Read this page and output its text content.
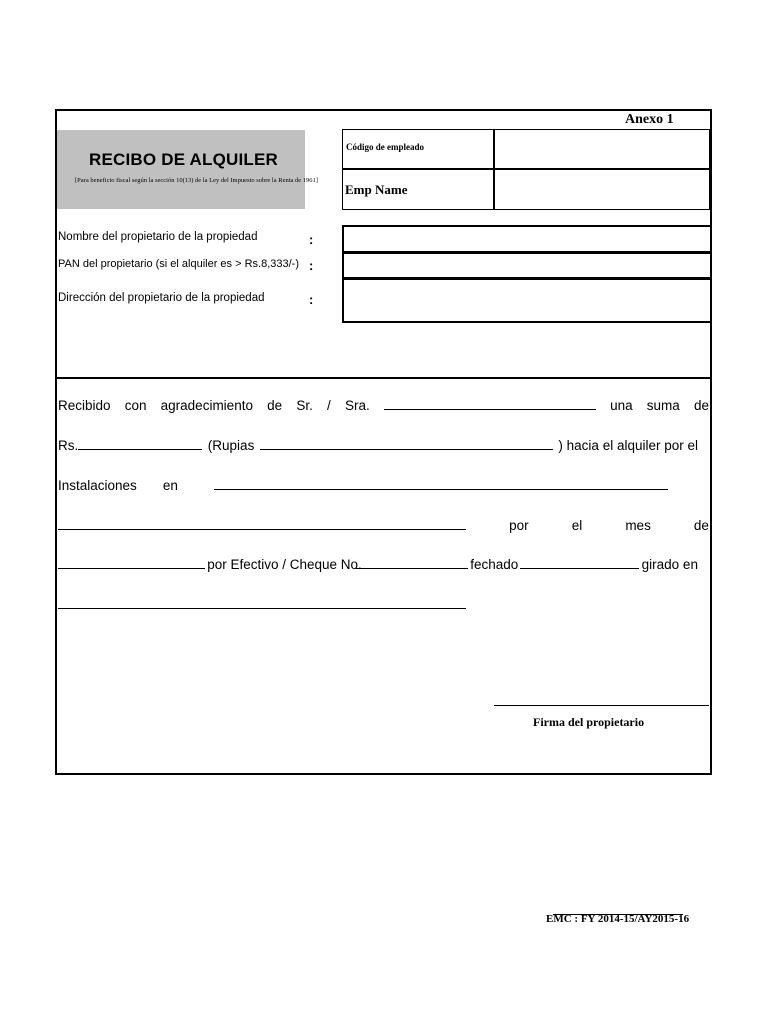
Anexo 1
RECIBO DE ALQUILER
[Para beneficio fiscal según la sección 10(13) de la Ley del Impuesto sobre la Renta de 1961]
Código de empleado
Emp Name
Nombre del propietario de la propiedad	:
PAN del propietario (si el alquiler es > Rs.8,333/-) :
Dirección del propietario de la propiedad	:
Recibido con agradecimiento de Sr. / Sra.	una suma de
Rs.	(Rupias	) hacia el alquiler por el
Instalaciones en
por	el	mes	de
por Efectivo / Cheque No.	fechado	girado en
Firma del propietario
EMC : FY 2014-15/AY2015-16
